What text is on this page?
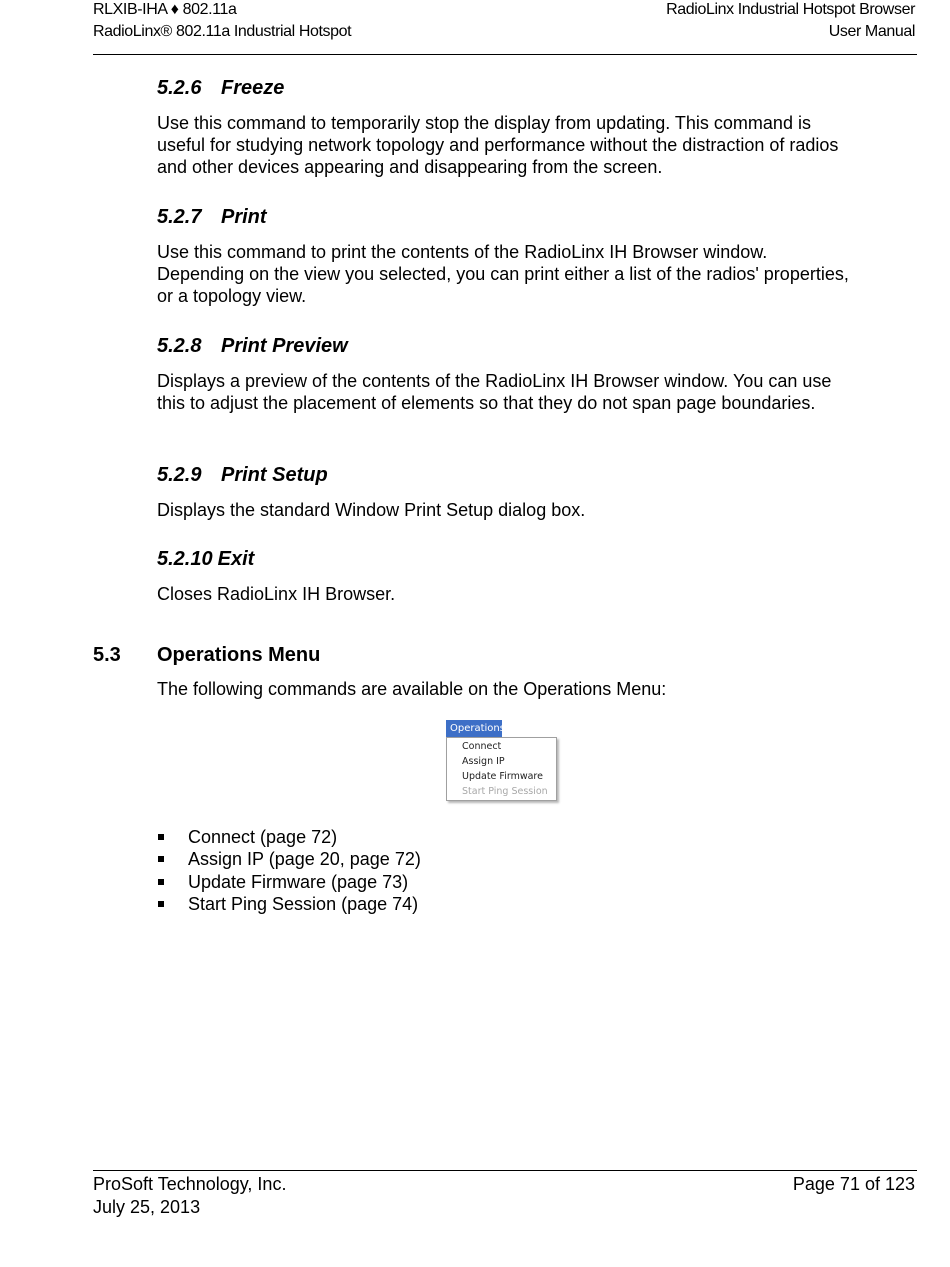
RLXIB-IHA ♦ 802.11a
RadioLinx® 802.11a Industrial Hotspot
RadioLinx Industrial Hotspot Browser
User Manual
5.2.6 Freeze
Use this command to temporarily stop the display from updating. This command is useful for studying network topology and performance without the distraction of radios and other devices appearing and disappearing from the screen.
5.2.7 Print
Use this command to print the contents of the RadioLinx IH Browser window. Depending on the view you selected, you can print either a list of the radios' properties, or a topology view.
5.2.8 Print Preview
Displays a preview of the contents of the RadioLinx IH Browser window. You can use this to adjust the placement of elements so that they do not span page boundaries.
5.2.9 Print Setup
Displays the standard Window Print Setup dialog box.
5.2.10 Exit
Closes RadioLinx IH Browser.
5.3 Operations Menu
The following commands are available on the Operations Menu:
Operations
Connect
Assign IP
Update Firmware
Start Ping Session
Connect (page 72)
Assign IP (page 20, page 72)
Update Firmware (page 73)
Start Ping Session (page 74)
ProSoft Technology, Inc.
July 25, 2013
Page 71 of 123
